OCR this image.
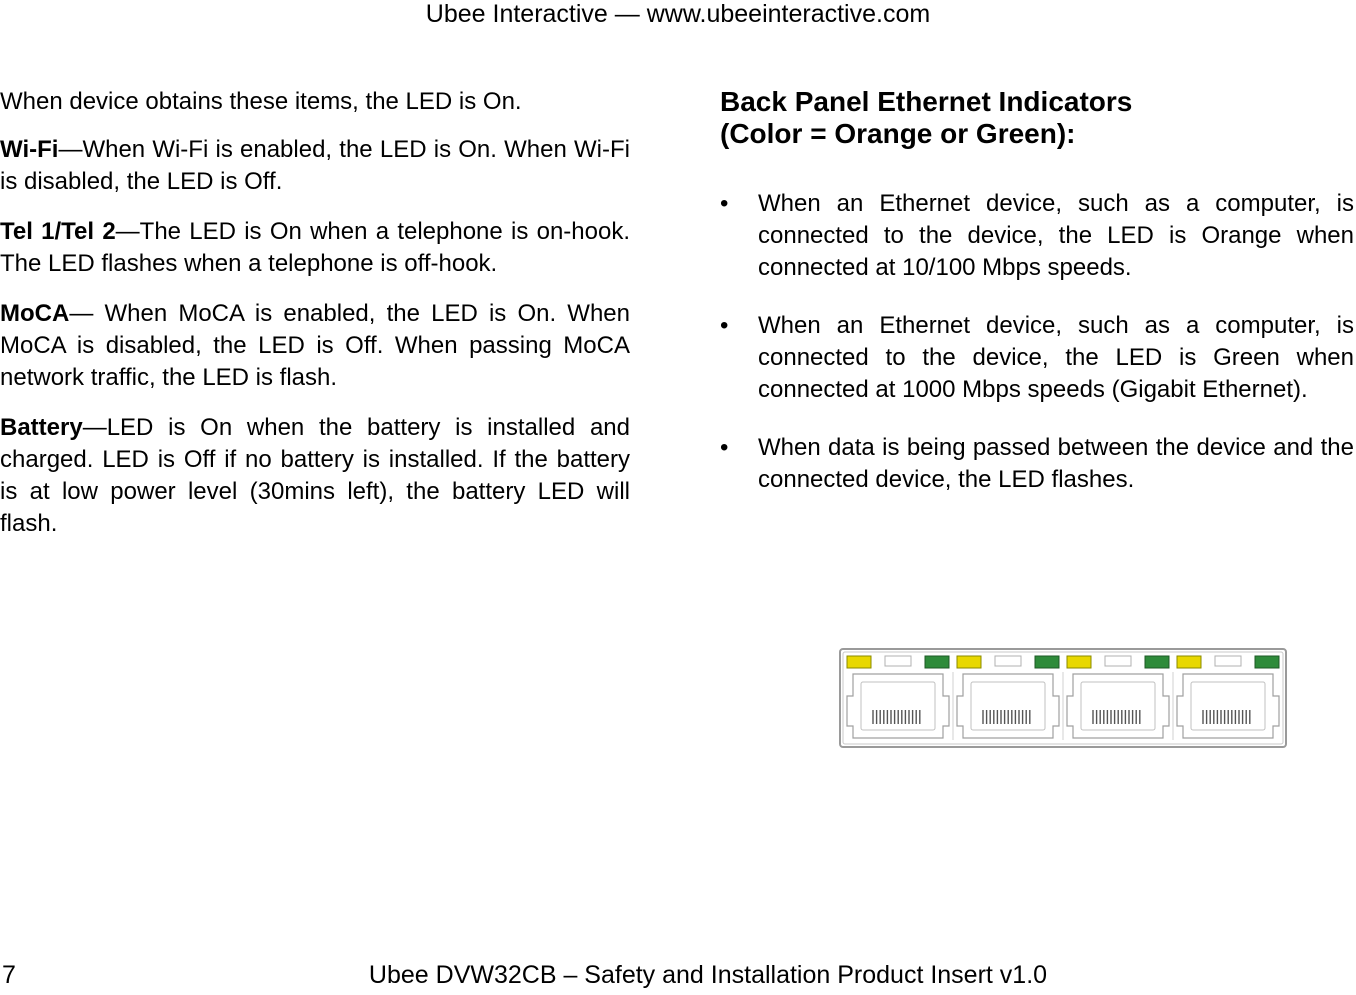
Ubee Interactive — www.ubeeinteractive.com

When device obtains these items, the LED is On.

Wi-Fi—When Wi-Fi is enabled, the LED is On. When Wi-Fi is disabled, the LED is Off.

Tel 1/Tel 2—The LED is On when a telephone is on-hook. The LED flashes when a telephone is off-hook.

MoCA— When MoCA is enabled, the LED is On. When MoCA is disabled, the LED is Off. When passing MoCA network traffic, the LED is flash.

Battery—LED is On when the battery is installed and charged. LED is Off if no battery is installed. If the battery is at low power level (30mins left), the battery LED will flash.

Back Panel Ethernet Indicators
(Color = Orange or Green):
•	When an Ethernet device, such as a computer, is connected to the device, the LED is Orange when connected at 10/100 Mbps speeds.
•	When an Ethernet device, such as a computer, is connected to the device, the LED is Green when connected at 1000 Mbps speeds (Gigabit Ethernet).
•	When data is being passed between the device and the connected device, the LED flashes.
7	Ubee DVW32CB – Safety and Installation Product Insert v1.0
